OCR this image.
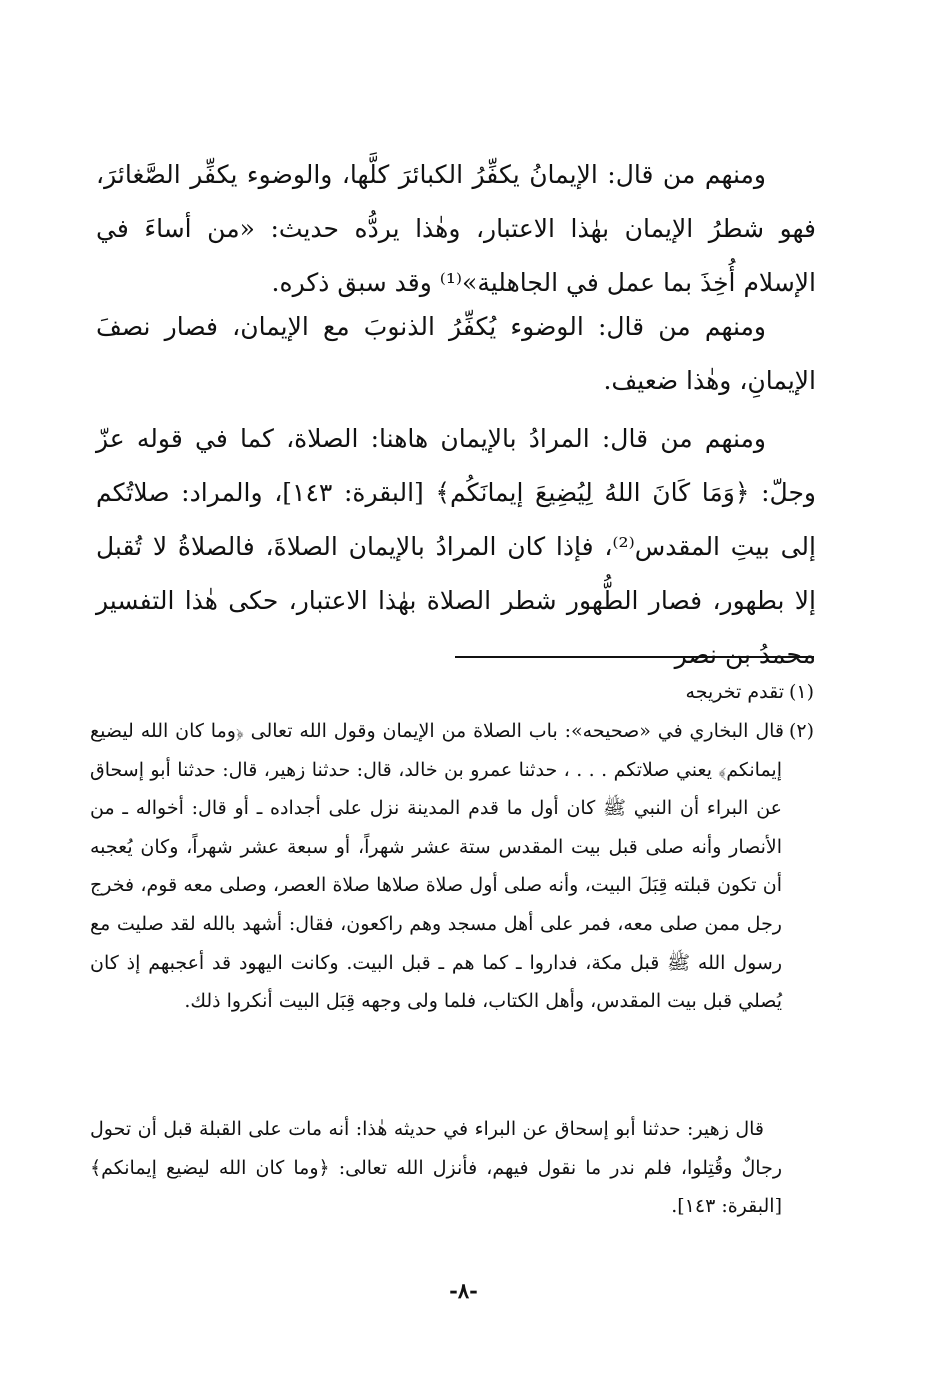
ومنهم من قال: الإيمانُ يكفِّرُ الكبائرَ كلَّها، والوضوء يكفِّر الصَّغائرَ، فهو شطرُ الإيمان بهٰذا الاعتبار، وهٰذا يردُّه حديث: «من أساءَ في الإسلام أُخِذَ بما عمل في الجاهلية»⁽¹⁾ وقد سبق ذكره.

ومنهم من قال: الوضوء يُكفِّرُ الذنوبَ مع الإيمان، فصار نصفَ الإيمانِ، وهٰذا ضعيف.

ومنهم من قال: المرادُ بالإيمان هاهنا: الصلاة، كما في قوله عزّ وجلّ: ﴿وَمَا كَانَ اللهُ لِيُضِيعَ إيمانَكُم﴾ [البقرة: ١٤٣]، والمراد: صلاتُكم إلى بيتِ المقدس⁽²⁾، فإذا كان المرادُ بالإيمان الصلاةَ، فالصلاةُ لا تُقبل إلا بطهور، فصار الطُّهور شطر الصلاة بهٰذا الاعتبار، حكى هٰذا التفسير محمدُ بن نصر

(١)تقدم تخريجه
(٢)قال البخاري في «صحيحه»: باب الصلاة من الإيمان وقول الله تعالى ﴿وما كان الله ليضيع إيمانكم﴾ يعني صلاتكم . . . ، حدثنا عمرو بن خالد، قال: حدثنا زهير، قال: حدثنا أبو إسحاق عن البراء أن النبي ﷺ كان أول ما قدم المدينة نزل على أجداده ـ أو قال: أخواله ـ من الأنصار وأنه صلى قبل بيت المقدس ستة عشر شهراً، أو سبعة عشر شهراً، وكان يُعجبه أن تكون قبلته قِبَلَ البيت، وأنه صلى أول صلاة صلاها صلاة العصر، وصلى معه قوم، فخرج رجل ممن صلى معه، فمر على أهل مسجد وهم راكعون، فقال: أشهد بالله لقد صليت مع رسول الله ﷺ قبل مكة، فداروا ـ كما هم ـ قبل البيت. وكانت اليهود قد أعجبهم إذ كان يُصلي قبل بيت المقدس، وأهل الكتاب، فلما ولى وجهه قِبَل البيت أنكروا ذلك.

قال زهير: حدثنا أبو إسحاق عن البراء في حديثه هٰذا: أنه مات على القبلة قبل أن تحول رجالٌ وقُتِلوا، فلم ندر ما نقول فيهم، فأنزل الله تعالى: ﴿وما كان الله ليضيع إيمانكم﴾ [البقرة: ١٤٣].

-٨-
